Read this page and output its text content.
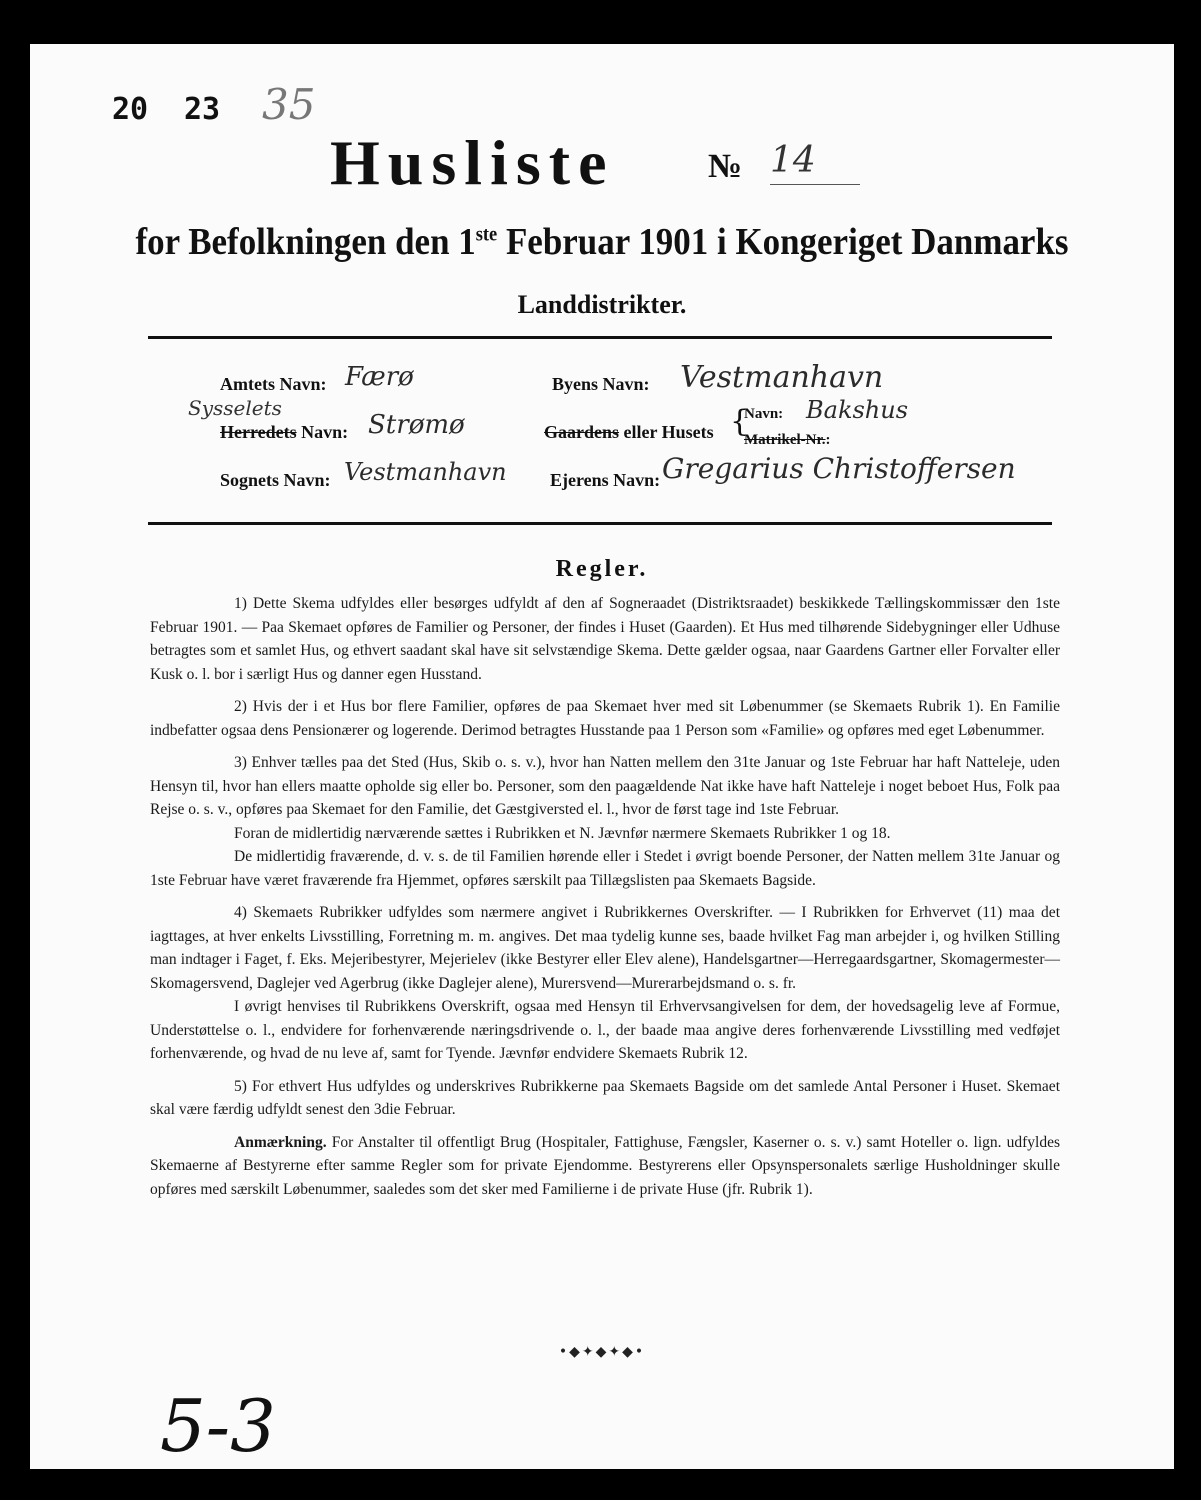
20 23 35
Husliste	№ 14
for Befolkningen den 1ste Februar 1901 i Kongeriget Danmarks
Landdistrikter.
Amtets Navn: Færø	Byens Navn: Vestmanhavn
Sysselets
Herredets Navn: Strømø	Gaardens eller Husets {
Navn: Bakshus
Matrikel-Nr.:
Sognets Navn: Vestmanhavn Ejerens Navn: Gregarius Christoffersen
Regler.

1) Dette Skema udfyldes eller besørges udfyldt af den af Sogneraadet (Distriktsraadet) beskikkede Tællingskommissær den 1ste Februar 1901. — Paa Skemaet opføres de Familier og Personer, der findes i Huset (Gaarden). Et Hus med tilhørende Sidebygninger eller Udhuse betragtes som et samlet Hus, og ethvert saadant skal have sit selvstændige Skema. Dette gælder ogsaa, naar Gaardens Gartner eller Forvalter eller Kusk o. l. bor i særligt Hus og danner egen Husstand.

2) Hvis der i et Hus bor flere Familier, opføres de paa Skemaet hver med sit Løbenummer (se Skemaets Rubrik 1). En Familie indbefatter ogsaa dens Pensionærer og logerende. Derimod betragtes Husstande paa 1 Person som «Familie» og opføres med eget Løbenummer.

3) Enhver tælles paa det Sted (Hus, Skib o. s. v.), hvor han Natten mellem den 31te Januar og 1ste Februar har haft Natteleje, uden Hensyn til, hvor han ellers maatte opholde sig eller bo. Personer, som den paagældende Nat ikke have haft Natteleje i noget beboet Hus, Folk paa Rejse o. s. v., opføres paa Skemaet for den Familie, det Gæstgiversted el. l., hvor de først tage ind 1ste Februar.

Foran de midlertidig nærværende sættes i Rubrikken et N. Jævnfør nærmere Skemaets Rubrikker 1 og 18.

De midlertidig fraværende, d. v. s. de til Familien hørende eller i Stedet i øvrigt boende Personer, der Natten mellem 31te Januar og 1ste Februar have været fraværende fra Hjemmet, opføres særskilt paa Tillægslisten paa Skemaets Bagside.

4) Skemaets Rubrikker udfyldes som nærmere angivet i Rubrikkernes Overskrifter. — I Rubrikken for Erhvervet (11) maa det iagttages, at hver enkelts Livsstilling, Forretning m. m. angives. Det maa tydelig kunne ses, baade hvilket Fag man arbejder i, og hvilken Stilling man indtager i Faget, f. Eks. Mejeribestyrer, Mejerielev (ikke Bestyrer eller Elev alene), Handelsgartner—Herregaardsgartner, Skomagermester—Skomagersvend, Daglejer ved Agerbrug (ikke Daglejer alene), Murersvend—Murerarbejdsmand o. s. fr.

I øvrigt henvises til Rubrikkens Overskrift, ogsaa med Hensyn til Erhvervsangivelsen for dem, der hovedsagelig leve af Formue, Understøttelse o. l., endvidere for forhenværende næringsdrivende o. l., der baade maa angive deres forhenværende Livsstilling med vedføjet forhenværende, og hvad de nu leve af, samt for Tyende. Jævnfør endvidere Skemaets Rubrik 12.

5) For ethvert Hus udfyldes og underskrives Rubrikkerne paa Skemaets Bagside om det samlede Antal Personer i Huset. Skemaet skal være færdig udfyldt senest den 3die Februar.

Anmærkning. For Anstalter til offentligt Brug (Hospitaler, Fattighuse, Fængsler, Kaserner o. s. v.) samt Hoteller o. lign. udfyldes Skemaerne af Bestyrerne efter samme Regler som for private Ejendomme. Bestyrerens eller Opsynspersonalets særlige Husholdninger skulle opføres med særskilt Løbenummer, saaledes som det sker med Familierne i de private Huse (jfr. Rubrik 1).

•◆✦◆✦◆•
5-3
